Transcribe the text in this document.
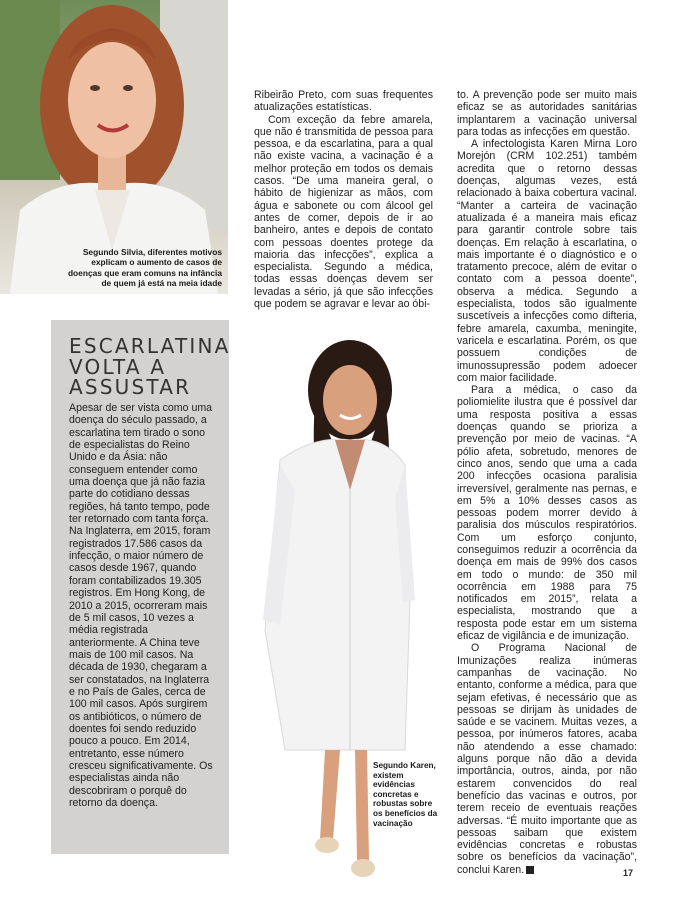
Segundo Silvia, diferentes motivos explicam o aumento de casos de doenças que eram comuns na infância de quem já está na meia idade
ESCARLATINA VOLTA A ASSUSTAR
Apesar de ser vista como uma doença do século passado, a escarlatina tem tirado o sono de especialistas do Reino Unido e da Ásia: não conseguem entender como uma doença que já não fazia parte do cotidiano dessas regiões, há tanto tempo, pode ter retornado com tanta força. Na Inglaterra, em 2015, foram registrados 17.586 casos da infecção, o maior número de casos desde 1967, quando foram contabilizados 19.305 registros. Em Hong Kong, de 2010 a 2015, ocorreram mais de 5 mil casos, 10 vezes a média registrada anteriormente. A China teve mais de 100 mil casos. Na década de 1930, chegaram a ser constatados, na Inglaterra e no País de Gales, cerca de 100 mil casos. Após surgirem os antibióticos, o número de doentes foi sendo reduzido pouco a pouco. Em 2014, entretanto, esse número cresceu significativamente. Os especialistas ainda não descobriram o porquê do retorno da doença.
Segundo Karen, existem evidências concretas e robustas sobre os benefícios da vacinação

Ribeirão Preto, com suas frequentes atualizações estatísticas.

Com exceção da febre amarela, que não é transmitida de pessoa para pessoa, e da escarlatina, para a qual não existe vacina, a vacinação é a melhor proteção em todos os demais casos. “De uma maneira geral, o hábito de higienizar as mãos, com água e sabonete ou com álcool gel antes de comer, depois de ir ao banheiro, antes e depois de contato com pessoas doentes protege da maioria das infecções”, explica a especialista. Segundo a médica, todas essas doenças devem ser levadas a sério, já que são infecções que podem se agravar e levar ao óbi-

to. A prevenção pode ser muito mais eficaz se as autoridades sanitárias implantarem a vacinação universal para todas as infecções em questão.

A infectologista Karen Mirna Loro Morejón (CRM 102.251) também acredita que o retorno dessas doenças, algumas vezes, está relacionado à baixa cobertura vacinal. “Manter a carteira de vacinação atualizada é a maneira mais eficaz para garantir controle sobre tais doenças. Em relação à escarlatina, o mais importante é o diagnóstico e o tratamento precoce, além de evitar o contato com a pessoa doente”, observa a médica. Segundo a especialista, todos são igualmente suscetíveis a infecções como difteria, febre amarela, caxumba, meningite, varicela e escarlatina. Porém, os que possuem condições de imunossupressão podem adoecer com maior facilidade.

Para a médica, o caso da poliomielite ilustra que é possível dar uma resposta positiva a essas doenças quando se prioriza a prevenção por meio de vacinas. “A pólio afeta, sobretudo, menores de cinco anos, sendo que uma a cada 200 infecções ocasiona paralisia irreversível, geralmente nas pernas, e em 5% a 10% desses casos as pessoas podem morrer devido à paralisia dos músculos respiratórios. Com um esforço conjunto, conseguimos reduzir a ocorrência da doença em mais de 99% dos casos em todo o mundo: de 350 mil ocorrência em 1988 para 75 notificados em 2015”, relata a especialista, mostrando que a resposta pode estar em um sistema eficaz de vigilância e de imunização.

O Programa Nacional de Imunizações realiza inúmeras campanhas de vacinação. No entanto, conforme a médica, para que sejam efetivas, é necessário que as pessoas se dirijam às unidades de saúde e se vacinem. Muitas vezes, a pessoa, por inúmeros fatores, acaba não atendendo a esse chamado: alguns porque não dão a devida importância, outros, ainda, por não estarem convencidos do real benefício das vacinas e outros, por terem receio de eventuais reações adversas. “É muito importante que as pessoas saibam que existem evidências concretas e robustas sobre os benefícios da vacinação”, conclui Karen.	17
